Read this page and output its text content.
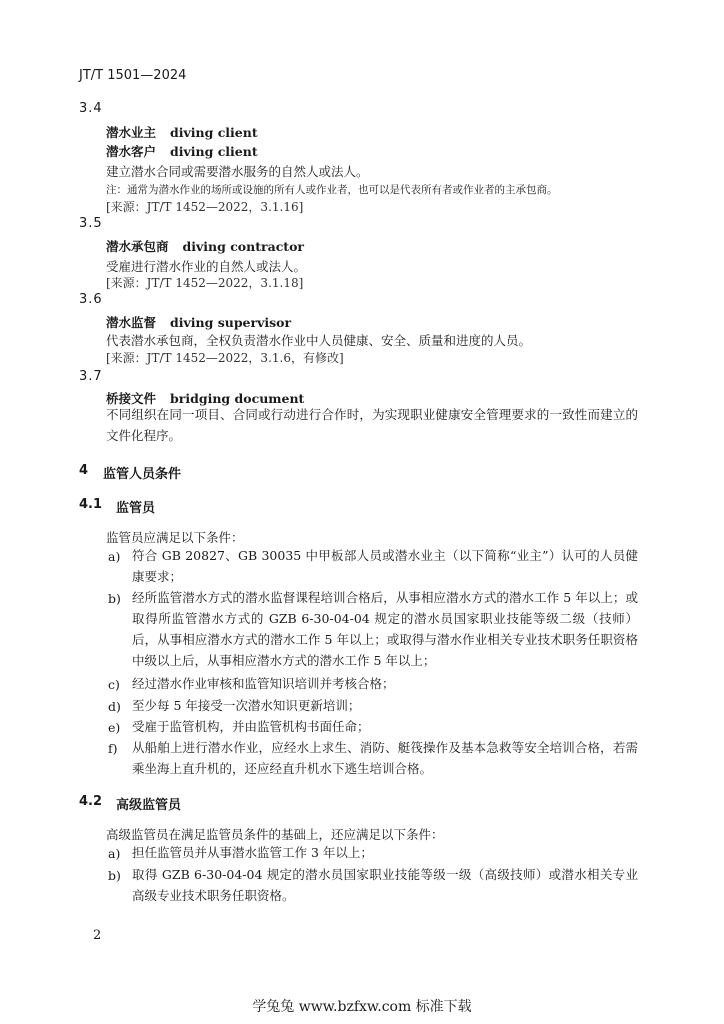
JT/T 1501—2024
3.4
潜水业主 diving client
潜水客户 diving client
建立潜水合同或需要潜水服务的自然人或法人。
注：通常为潜水作业的场所或设施的所有人或作业者，也可以是代表所有者或作业者的主承包商。
[来源：JT/T 1452—2022，3.1.16]
3.5
潜水承包商 diving contractor
受雇进行潜水作业的自然人或法人。
[来源：JT/T 1452—2022，3.1.18]
3.6
潜水监督 diving supervisor
代表潜水承包商，全权负责潜水作业中人员健康、安全、质量和进度的人员。
[来源：JT/T 1452—2022，3.1.6，有修改]
3.7
桥接文件 bridging document
不同组织在同一项目、合同或行动进行合作时，为实现职业健康安全管理要求的一致性而建立的文件化程序。
4 监管人员条件
4.1 监管员
监管员应满足以下条件：
a) 符合 GB 20827、GB 30035 中甲板部人员或潜水业主（以下简称“业主”）认可的人员健康要求；
b) 经所监管潜水方式的潜水监督课程培训合格后，从事相应潜水方式的潜水工作 5 年以上；或取得所监管潜水方式的 GZB 6-30-04-04 规定的潜水员国家职业技能等级二级（技师）后，从事相应潜水方式的潜水工作 5 年以上；或取得与潜水作业相关专业技术职务任职资格中级以上后，从事相应潜水方式的潜水工作 5 年以上；
c) 经过潜水作业审核和监管知识培训并考核合格；
d) 至少每 5 年接受一次潜水知识更新培训；
e) 受雇于监管机构，并由监管机构书面任命；
f) 从船舶上进行潜水作业，应经水上求生、消防、艇筏操作及基本急救等安全培训合格，若需乘坐海上直升机的，还应经直升机水下逃生培训合格。
4.2 高级监管员
高级监管员在满足监管员条件的基础上，还应满足以下条件：
a) 担任监管员并从事潜水监管工作 3 年以上；
b) 取得 GZB 6-30-04-04 规定的潜水员国家职业技能等级一级（高级技师）或潜水相关专业高级专业技术职务任职资格。
2
学兔兔 www.bzfxw.com 标准下载
